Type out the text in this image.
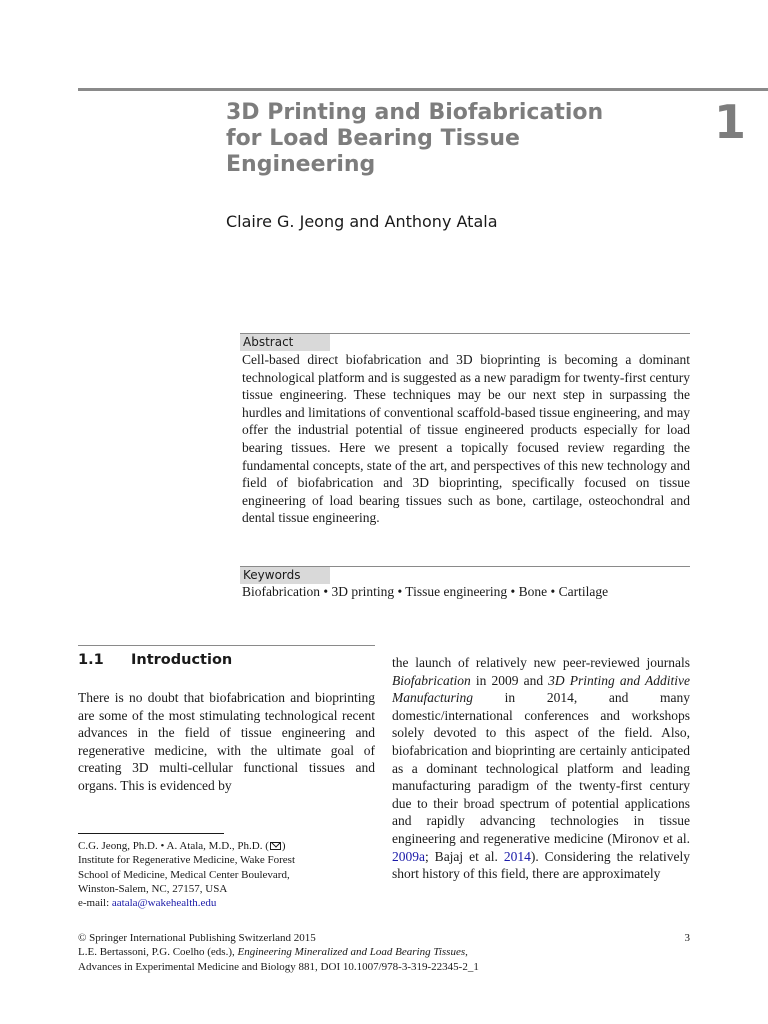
3D Printing and Biofabrication
for Load Bearing Tissue
Engineering
1
Claire G. Jeong and Anthony Atala
Abstract
Cell-based direct biofabrication and 3D bioprinting is becoming a dominant technological platform and is suggested as a new paradigm for twenty-first century tissue engineering. These techniques may be our next step in surpassing the hurdles and limitations of conventional scaffold-based tissue engineering, and may offer the industrial potential of tissue engineered products especially for load bearing tissues. Here we present a topically focused review regarding the fundamental concepts, state of the art, and perspectives of this new technology and field of biofabrication and 3D bioprinting, specifically focused on tissue engineering of load bearing tissues such as bone, cartilage, osteochondral and dental tissue engineering.
Keywords
Biofabrication • 3D printing • Tissue engineering • Bone • Cartilage
1.1 Introduction
There is no doubt that biofabrication and bioprinting are some of the most stimulating technological recent advances in the field of tissue engineering and regenerative medicine, with the ultimate goal of creating 3D multi-cellular functional tissues and organs. This is evidenced by
the launch of relatively new peer-reviewed journals Biofabrication in 2009 and 3D Printing and Additive Manufacturing in 2014, and many domestic/international conferences and workshops solely devoted to this aspect of the field. Also, biofabrication and bioprinting are certainly anticipated as a dominant technological platform and leading manufacturing paradigm of the twenty-first century due to their broad spectrum of potential applications and rapidly advancing technologies in tissue engineering and regenerative medicine (Mironov et al. 2009a; Bajaj et al. 2014). Considering the relatively short history of this field, there are approximately
C.G. Jeong, Ph.D. • A. Atala, M.D., Ph.D. ( )
Institute for Regenerative Medicine, Wake Forest
School of Medicine, Medical Center Boulevard,
Winston-Salem, NC, 27157, USA
e-mail: aatala@wakehealth.edu
© Springer International Publishing Switzerland 2015
L.E. Bertassoni, P.G. Coelho (eds.), Engineering Mineralized and Load Bearing Tissues,
Advances in Experimental Medicine and Biology 881, DOI 10.1007/978-3-319-22345-2_1
3
